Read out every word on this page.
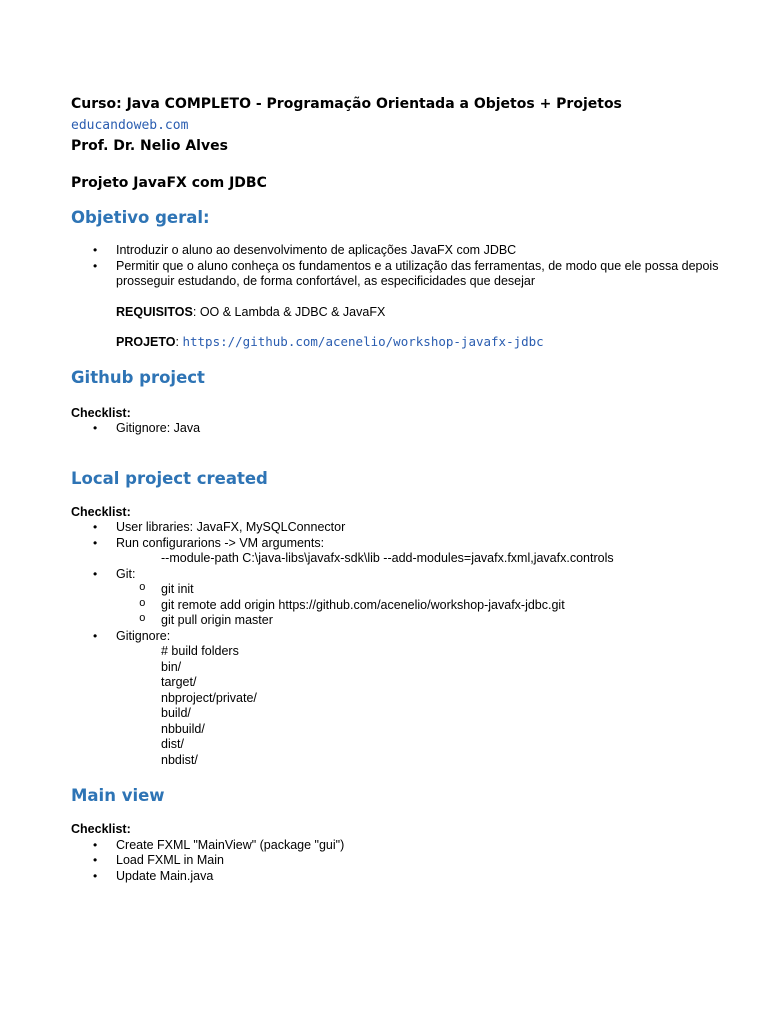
Curso: Java COMPLETO - Programação Orientada a Objetos + Projetos

educandoweb.com

Prof. Dr. Nelio Alves

Projeto JavaFX com JDBC

Objetivo geral:
• Introduzir o aluno ao desenvolvimento de aplicações JavaFX com JDBC
• Permitir que o aluno conheça os fundamentos e a utilização das ferramentas, de modo que ele possa depois prosseguir estudando, de forma confortável, as especificidades que desejar

REQUISITOS: OO & Lambda & JDBC & JavaFX

PROJETO: https://github.com/acenelio/workshop-javafx-jdbc

Github project

Checklist:

• Gitignore: Java
Local project created

Checklist:

• User libraries: JavaFX, MySQLConnector
• Run configurarions -> VM arguments:
--module-path C:\java-libs\javafx-sdk\lib --add-modules=javafx.fxml,javafx.controls
• Git:
o git init
o git remote add origin https://github.com/acenelio/workshop-javafx-jdbc.git
o git pull origin master
• Gitignore:
# build folders
bin/
target/
nbproject/private/
build/
nbbuild/
dist/
nbdist/
Main view

Checklist:

• Create FXML "MainView" (package "gui")
• Load FXML in Main
• Update Main.java
